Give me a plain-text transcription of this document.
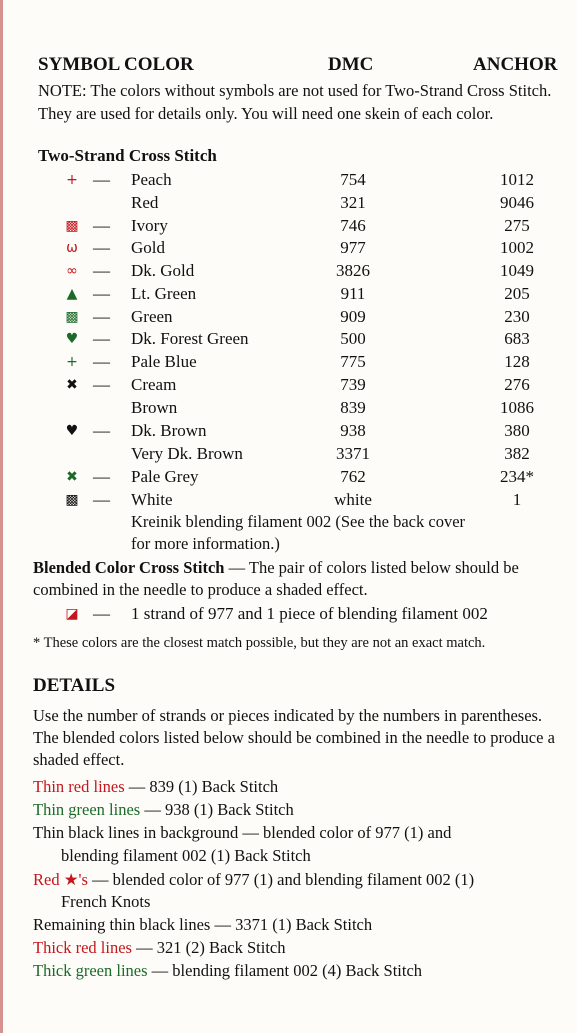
SYMBOL COLOR	DMC	ANCHOR
NOTE: The colors without symbols are not used for Two-Strand Cross Stitch. They are used for details only. You will need one skein of each color.
Two-Strand Cross Stitch
+ — Peach	754	1012
Red	321	9046
▩ — Ivory	746	275
ω — Gold	977	1002
∞ — Dk. Gold	3826	1049
▲ — Lt. Green	911	205
▩ — Green	909	230
♥ — Dk. Forest Green	500	683
+ — Pale Blue	775	128
✖ — Cream	739	276
Brown	839	1086
♥ — Dk. Brown	938	380
Very Dk. Brown	3371	382
✖ — Pale Grey	762	234*
▩ — White	white	1
Kreinik blending filament 002 (See the back cover
for more information.)
Blended Color Cross Stitch — The pair of colors listed below should be combined in the needle to produce a shaded effect.
◪ — 1 strand of 977 and 1 piece of blending filament 002
* These colors are the closest match possible, but they are not an exact match.
DETAILS
Use the number of strands or pieces indicated by the numbers in parentheses. The blended colors listed below should be combined in the needle to produce a shaded effect.
Thin red lines — 839 (1) Back Stitch
Thin green lines — 938 (1) Back Stitch
Thin black lines in background — blended color of 977 (1) and
blending filament 002 (1) Back Stitch
Red ★'s — blended color of 977 (1) and blending filament 002 (1)
French Knots
Remaining thin black lines — 3371 (1) Back Stitch
Thick red lines — 321 (2) Back Stitch
Thick green lines — blending filament 002 (4) Back Stitch
